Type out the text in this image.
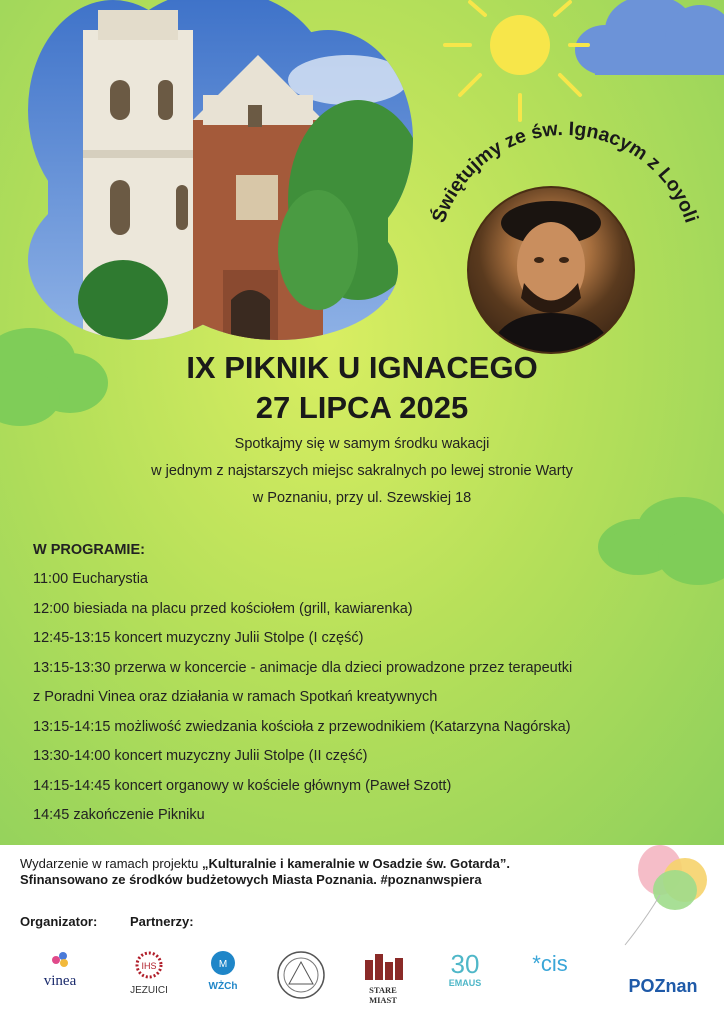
Świętujmy ze św. Ignacym z Loyoli
IX PIKNIK U IGNACEGO
27 LIPCA 2025
Spotkajmy się w samym środku wakacji
w jednym z najstarszych miejsc sakralnych po lewej stronie Warty
w Poznaniu, przy ul. Szewskiej 18
W PROGRAMIE:
11:00 Eucharystia
12:00 biesiada na placu przed kościołem (grill, kawiarenka)
12:45-13:15 koncert muzyczny Julii Stolpe (I część)
13:15-13:30 przerwa w koncercie - animacje dla dzieci prowadzone przez terapeutki
z Poradni Vinea oraz działania w ramach Spotkań kreatywnych
13:15-14:15 możliwość zwiedzania kościoła z przewodnikiem (Katarzyna Nagórska)
13:30-14:00 koncert muzyczny Julii Stolpe (II część)
14:15-14:45 koncert organowy w kościele głównym (Paweł Szott)
14:45 zakończenie Pikniku
Wydarzenie w ramach projektu „Kulturalnie i kameralnie w Osadzie św. Gotarda”.
Sfinansowano ze środków budżetowych Miasta Poznania. #poznanwspiera
Organizator:	Partnerzy:
vinea
IHS
JEZUICI
M
WŻCh	STARE MIAST
30
EMAUS
*cis
POZnan
